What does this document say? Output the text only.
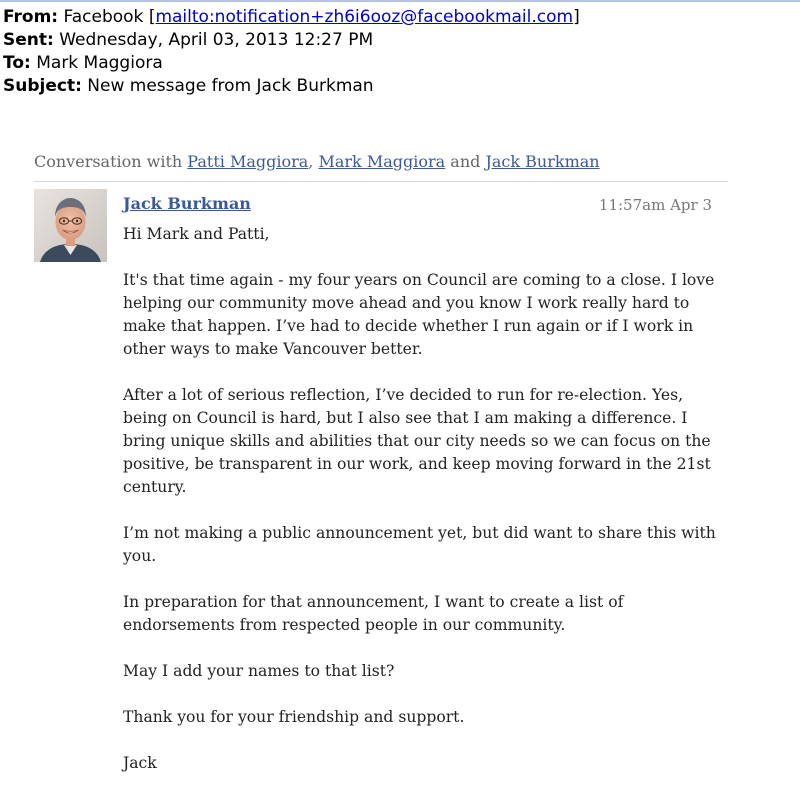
From: Facebook [mailto:notification+zh6i6ooz@facebookmail.com]
Sent: Wednesday, April 03, 2013 12:27 PM
To: Mark Maggiora
Subject: New message from Jack Burkman
Conversation with Patti Maggiora, Mark Maggiora and Jack Burkman
Jack Burkman	11:57am Apr 3

Hi Mark and Patti,

It's that time again - my four years on Council are coming to a close. I love helping our community move ahead and you know I work really hard to make that happen. I’ve had to decide whether I run again or if I work in other ways to make Vancouver better.

After a lot of serious reflection, I’ve decided to run for re-election. Yes, being on Council is hard, but I also see that I am making a difference. I bring unique skills and abilities that our city needs so we can focus on the positive, be transparent in our work, and keep moving forward in the 21st century.

I’m not making a public announcement yet, but did want to share this with you.

In preparation for that announcement, I want to create a list of endorsements from respected people in our community.

May I add your names to that list?

Thank you for your friendship and support.

Jack
